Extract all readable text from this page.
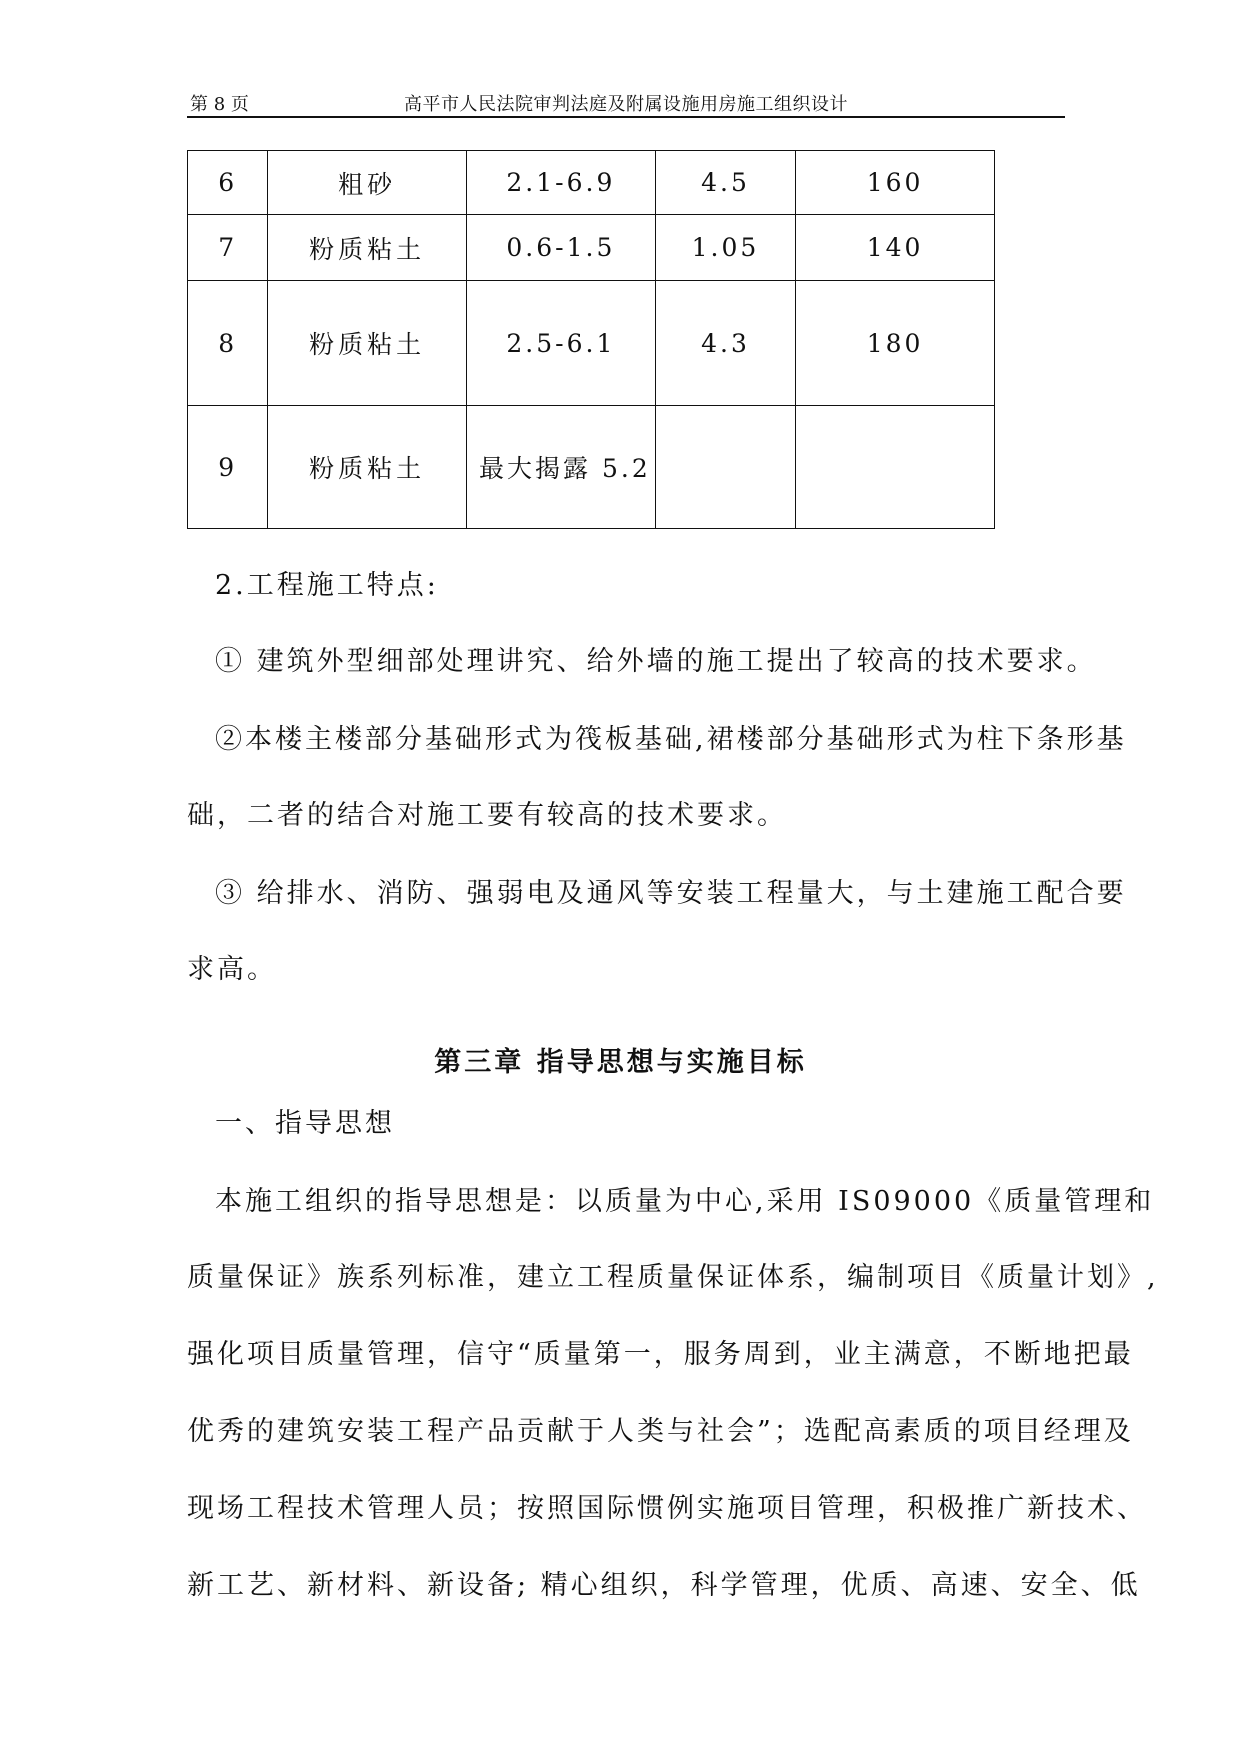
第 8 页	高平市人民法院审判法庭及附属设施用房施工组织设计
6	粗砂	2.1-6.9	4.5	160
7	粉质粘土	0.6-1.5	1.05	140
8	粉质粘土	2.5-6.1	4.3	180
9	粉质粘土	最大揭露 5.2		
2.工程施工特点:
① 建筑外型细部处理讲究、给外墙的施工提出了较高的技术要求。
②本楼主楼部分基础形式为筏板基础,裙楼部分基础形式为柱下条形基
础，二者的结合对施工要有较高的技术要求。
③ 给排水、消防、强弱电及通风等安装工程量大，与土建施工配合要
求高。
第三章 指导思想与实施目标
一、指导思想
本施工组织的指导思想是：以质量为中心,采用 IS09000《质量管理和
质量保证》族系列标准，建立工程质量保证体系，编制项目《质量计划》,
强化项目质量管理，信守“质量第一，服务周到，业主满意，不断地把最
优秀的建筑安装工程产品贡献于人类与社会”；选配高素质的项目经理及
现场工程技术管理人员；按照国际惯例实施项目管理，积极推广新技术、
新工艺、新材料、新设备; 精心组织，科学管理，优质、高速、安全、低
